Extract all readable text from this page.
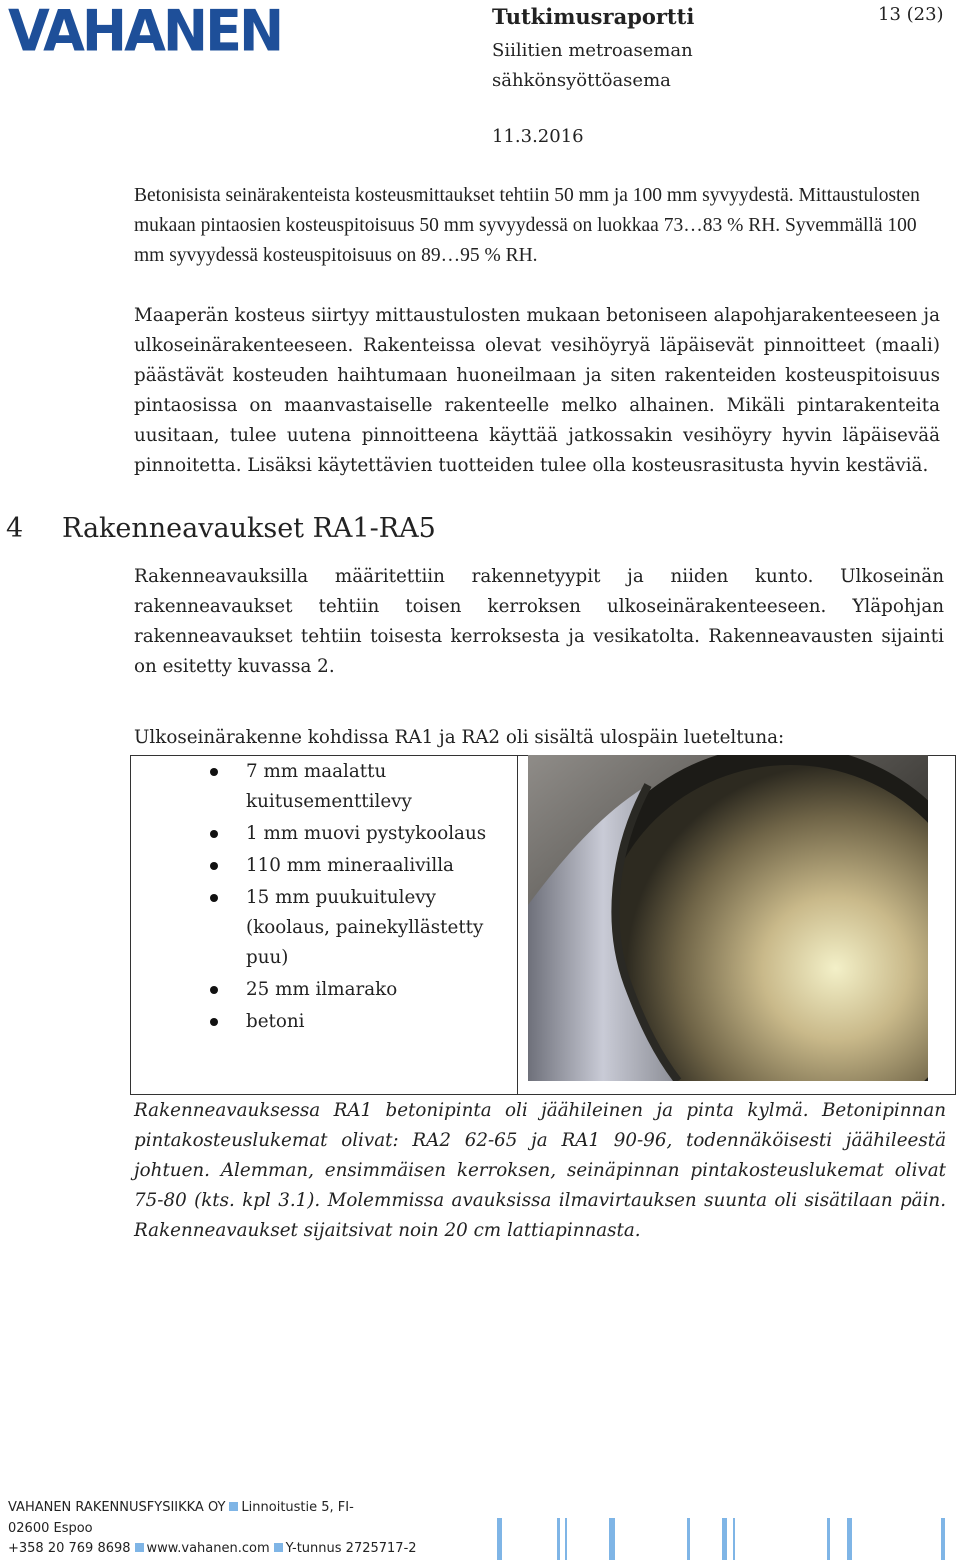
VAHANEN	Tutkimusraportti	13 (23)
Siilitien metroaseman
sähkönsyöttöasema
11.3.2016

Betonisista seinärakenteista kosteusmittaukset tehtiin 50 mm ja 100 mm syvyydestä. Mittaustulosten mukaan pintaosien kosteuspitoisuus 50 mm syvyydessä on luokkaa 73…83 % RH. Syvemmällä 100 mm syvyydessä kosteuspitoisuus on 89…95 % RH.

Maaperän kosteus siirtyy mittaustulosten mukaan betoniseen alapohjarakenteeseen ja ulkoseinärakenteeseen. Rakenteissa olevat vesihöyryä läpäisevät pinnoitteet (maali) päästävät kosteuden haihtumaan huoneilmaan ja siten rakenteiden kosteuspitoisuus pintaosissa on maanvastaiselle rakenteelle melko alhainen. Mikäli pintarakenteita uusitaan, tulee uutena pinnoitteena käyttää jatkossakin vesihöyry hyvin läpäisevää pinnoitetta. Lisäksi käytettävien tuotteiden tulee olla kosteusrasitusta hyvin kestäviä.

4 Rakenneavaukset RA1-RA5

Rakenneavauksilla määritettiin rakennetyypit ja niiden kunto. Ulkoseinän rakenneavaukset tehtiin toisen kerroksen ulkoseinärakenteeseen. Yläpohjan rakenneavaukset tehtiin toisesta kerroksesta ja vesikatolta. Rakenneavausten sijainti on esitetty kuvassa 2.

Ulkoseinärakenne kohdissa RA1 ja RA2 oli sisältä ulospäin lueteltuna:

7 mm maalattu kuitusementtilevy
1 mm muovi pystykoolaus
110 mm mineraalivilla
15 mm puukuitulevy (koolaus, painekyllästetty puu)
25 mm ilmarako
betoni

Rakenneavauksessa RA1 betonipinta oli jäähileinen ja pinta kylmä. Betonipinnan pintakosteuslukemat olivat: RA2 62-65 ja RA1 90-96, todennäköisesti jäähileestä johtuen. Alemman, ensimmäisen kerroksen, seinäpinnan pintakosteuslukemat olivat 75-80 (kts. kpl 3.1). Molemmissa avauksissa ilmavirtauksen suunta oli sisätilaan päin. Rakenneavaukset sijaitsivat noin 20 cm lattiapinnasta.

VAHANEN RAKENNUSFYSIIKKA OY Linnoitustie 5, FI-
02600 Espoo
+358 20 769 8698 www.vahanen.com Y-tunnus 2725717-2
